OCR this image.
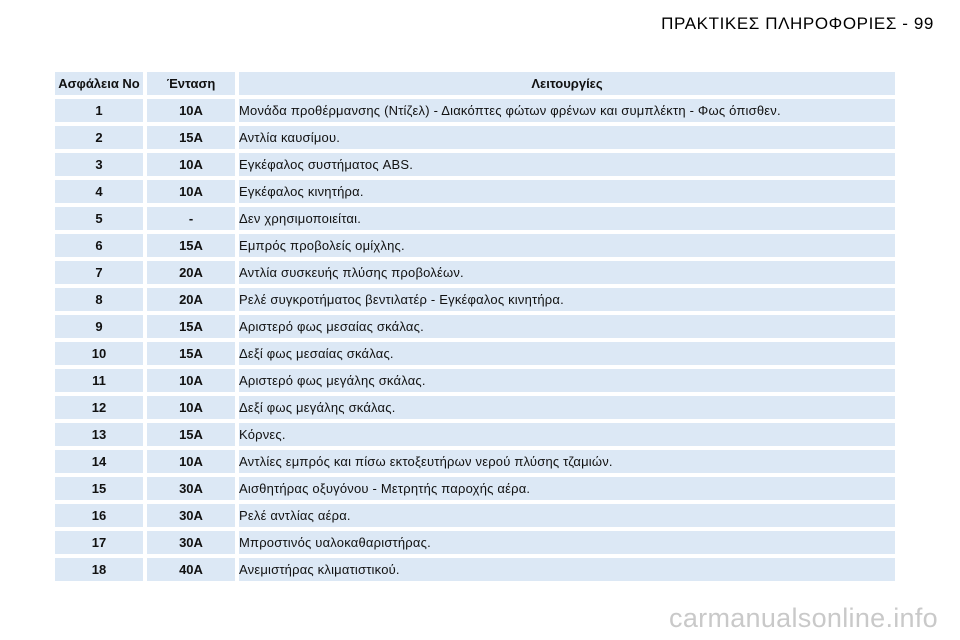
ΠΡΑΚΤΙΚΕΣ ΠΛΗΡΟΦΟΡΙΕΣ - 99
Ασφάλεια Νο	Ένταση	Λειτουργίες
1	10A	Μονάδα προθέρμανσης (Ντίζελ) - Διακόπτες φώτων φρένων και συμπλέκτη - Φως όπισθεν.
2	15A	Αντλία καυσίμου.
3	10A	Εγκέφαλος συστήματος ABS.
4	10A	Εγκέφαλος κινητήρα.
5	-	Δεν χρησιμοποιείται.
6	15A	Εμπρός προβολείς ομίχλης.
7	20A	Αντλία συσκευής πλύσης προβολέων.
8	20A	Ρελέ συγκροτήματος βεντιλατέρ - Εγκέφαλος κινητήρα.
9	15A	Αριστερό φως μεσαίας σκάλας.
10	15A	Δεξί φως μεσαίας σκάλας.
11	10A	Αριστερό φως μεγάλης σκάλας.
12	10A	Δεξί φως μεγάλης σκάλας.
13	15A	Κόρνες.
14	10A	Αντλίες εμπρός και πίσω εκτοξευτήρων νερού πλύσης τζαμιών.
15	30A	Αισθητήρας οξυγόνου - Μετρητής παροχής αέρα.
16	30A	Ρελέ αντλίας αέρα.
17	30A	Μπροστινός υαλοκαθαριστήρας.
18	40A	Ανεμιστήρας κλιματιστικού.
carmanualsonline.info
